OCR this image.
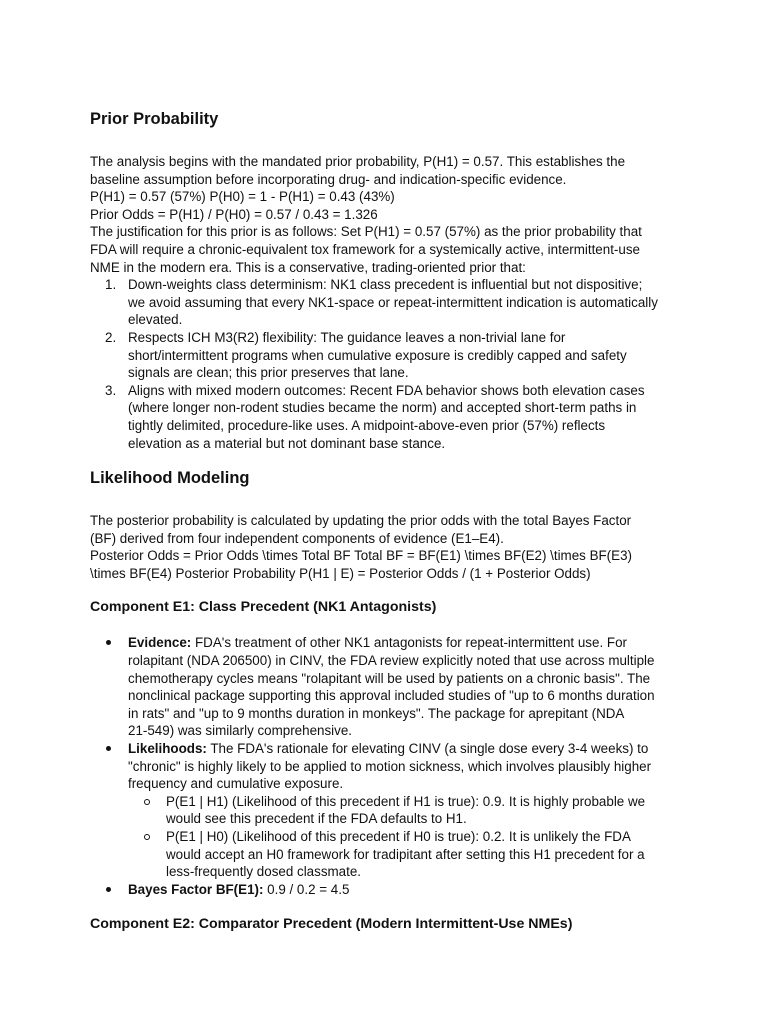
Prior Probability

The analysis begins with the mandated prior probability, P(H1) = 0.57. This establishes the
baseline assumption before incorporating drug- and indication-specific evidence.
P(H1) = 0.57 (57%) P(H0) = 1 - P(H1) = 0.43 (43%)
Prior Odds = P(H1) / P(H0) = 0.57 / 0.43 = 1.326
The justification for this prior is as follows: Set P(H1) = 0.57 (57%) as the prior probability that
FDA will require a chronic-equivalent tox framework for a systemically active, intermittent-use
NME in the modern era. This is a conservative, trading-oriented prior that:

1. Down-weights class determinism: NK1 class precedent is influential but not dispositive;
we avoid assuming that every NK1-space or repeat-intermittent indication is automatically
elevated.
2. Respects ICH M3(R2) flexibility: The guidance leaves a non-trivial lane for
short/intermittent programs when cumulative exposure is credibly capped and safety
signals are clean; this prior preserves that lane.
3. Aligns with mixed modern outcomes: Recent FDA behavior shows both elevation cases
(where longer non-rodent studies became the norm) and accepted short-term paths in
tightly delimited, procedure-like uses. A midpoint-above-even prior (57%) reflects
elevation as a material but not dominant base stance.
Likelihood Modeling

The posterior probability is calculated by updating the prior odds with the total Bayes Factor
(BF) derived from four independent components of evidence (E1–E4).
Posterior Odds = Prior Odds \times Total BF Total BF = BF(E1) \times BF(E2) \times BF(E3)
\times BF(E4) Posterior Probability P(H1 | E) = Posterior Odds / (1 + Posterior Odds)

Component E1: Class Precedent (NK1 Antagonists)
Evidence: FDA's treatment of other NK1 antagonists for repeat-intermittent use. For
rolapitant (NDA 206500) in CINV, the FDA review explicitly noted that use across multiple
chemotherapy cycles means "rolapitant will be used by patients on a chronic basis". The
nonclinical package supporting this approval included studies of "up to 6 months duration
in rats" and "up to 9 months duration in monkeys". The package for aprepitant (NDA
21-549) was similarly comprehensive.
Likelihoods: The FDA's rationale for elevating CINV (a single dose every 3-4 weeks) to
"chronic" is highly likely to be applied to motion sickness, which involves plausibly higher
frequency and cumulative exposure.
P(E1 | H1) (Likelihood of this precedent if H1 is true): 0.9. It is highly probable we
would see this precedent if the FDA defaults to H1.
P(E1 | H0) (Likelihood of this precedent if H0 is true): 0.2. It is unlikely the FDA
would accept an H0 framework for tradipitant after setting this H1 precedent for a
less-frequently dosed classmate.
Bayes Factor BF(E1): 0.9 / 0.2 = 4.5
Component E2: Comparator Precedent (Modern Intermittent-Use NMEs)
